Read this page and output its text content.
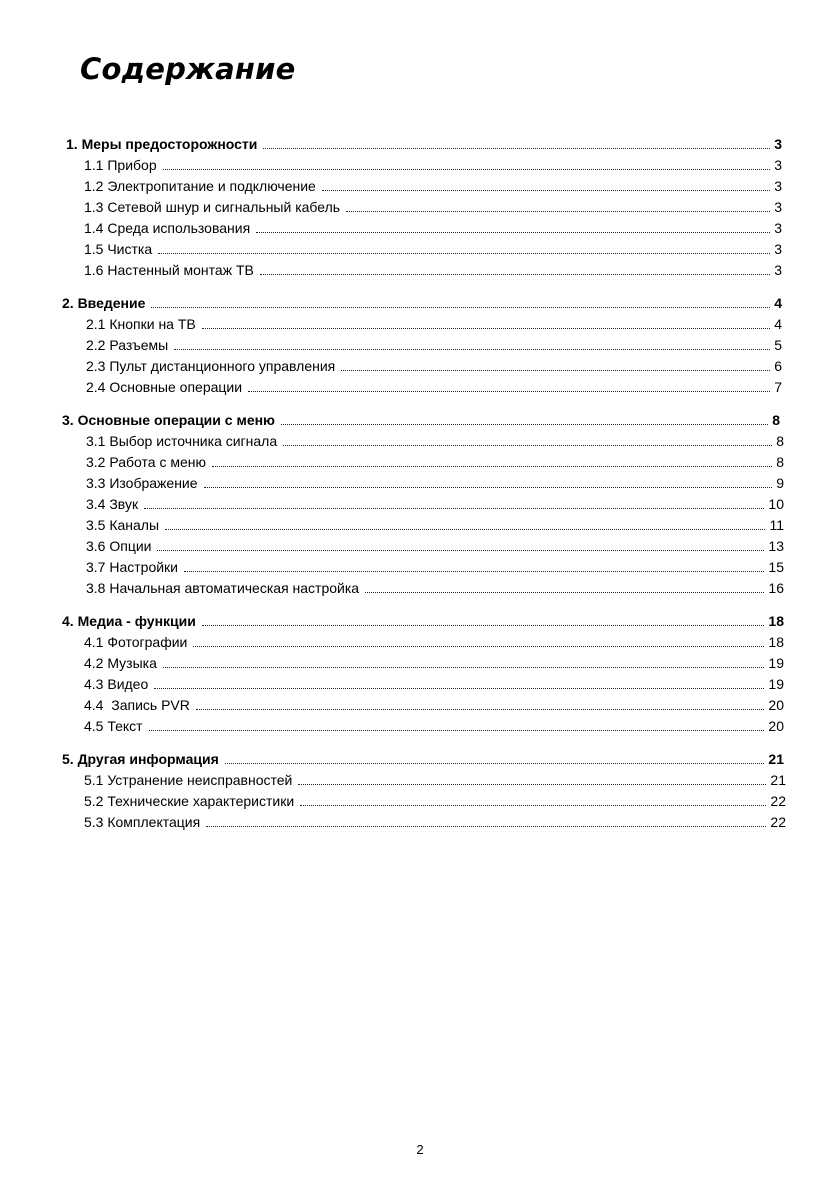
Содержание
1. Меры предосторожности	3
1.1 Прибор	3
1.2 Электропитание и подключение	3
1.3 Сетевой шнур и сигнальный кабель	3
1.4 Среда использования	3
1.5 Чистка	3
1.6 Настенный монтаж ТВ	3
2. Введение	4
2.1 Кнопки на ТВ	4
2.2 Разъемы	5
2.3 Пульт дистанционного управления	6
2.4 Основные операции	7
3. Основные операции с меню	8
3.1 Выбор источника сигнала	8
3.2 Работа с меню	8
3.3 Изображение	9
3.4 Звук	10
3.5 Каналы	11
3.6 Опции	13
3.7 Настройки	15
3.8 Начальная автоматическая настройка	16
4. Медиа - функции	18
4.1 Фотографии	18
4.2 Музыка	19
4.3 Видео	19
4.4  Запись PVR	20
4.5 Текст	20
5. Другая информация	21
5.1 Устранение неисправностей	21
5.2 Технические характеристики	22
5.3 Комплектация	22
2
